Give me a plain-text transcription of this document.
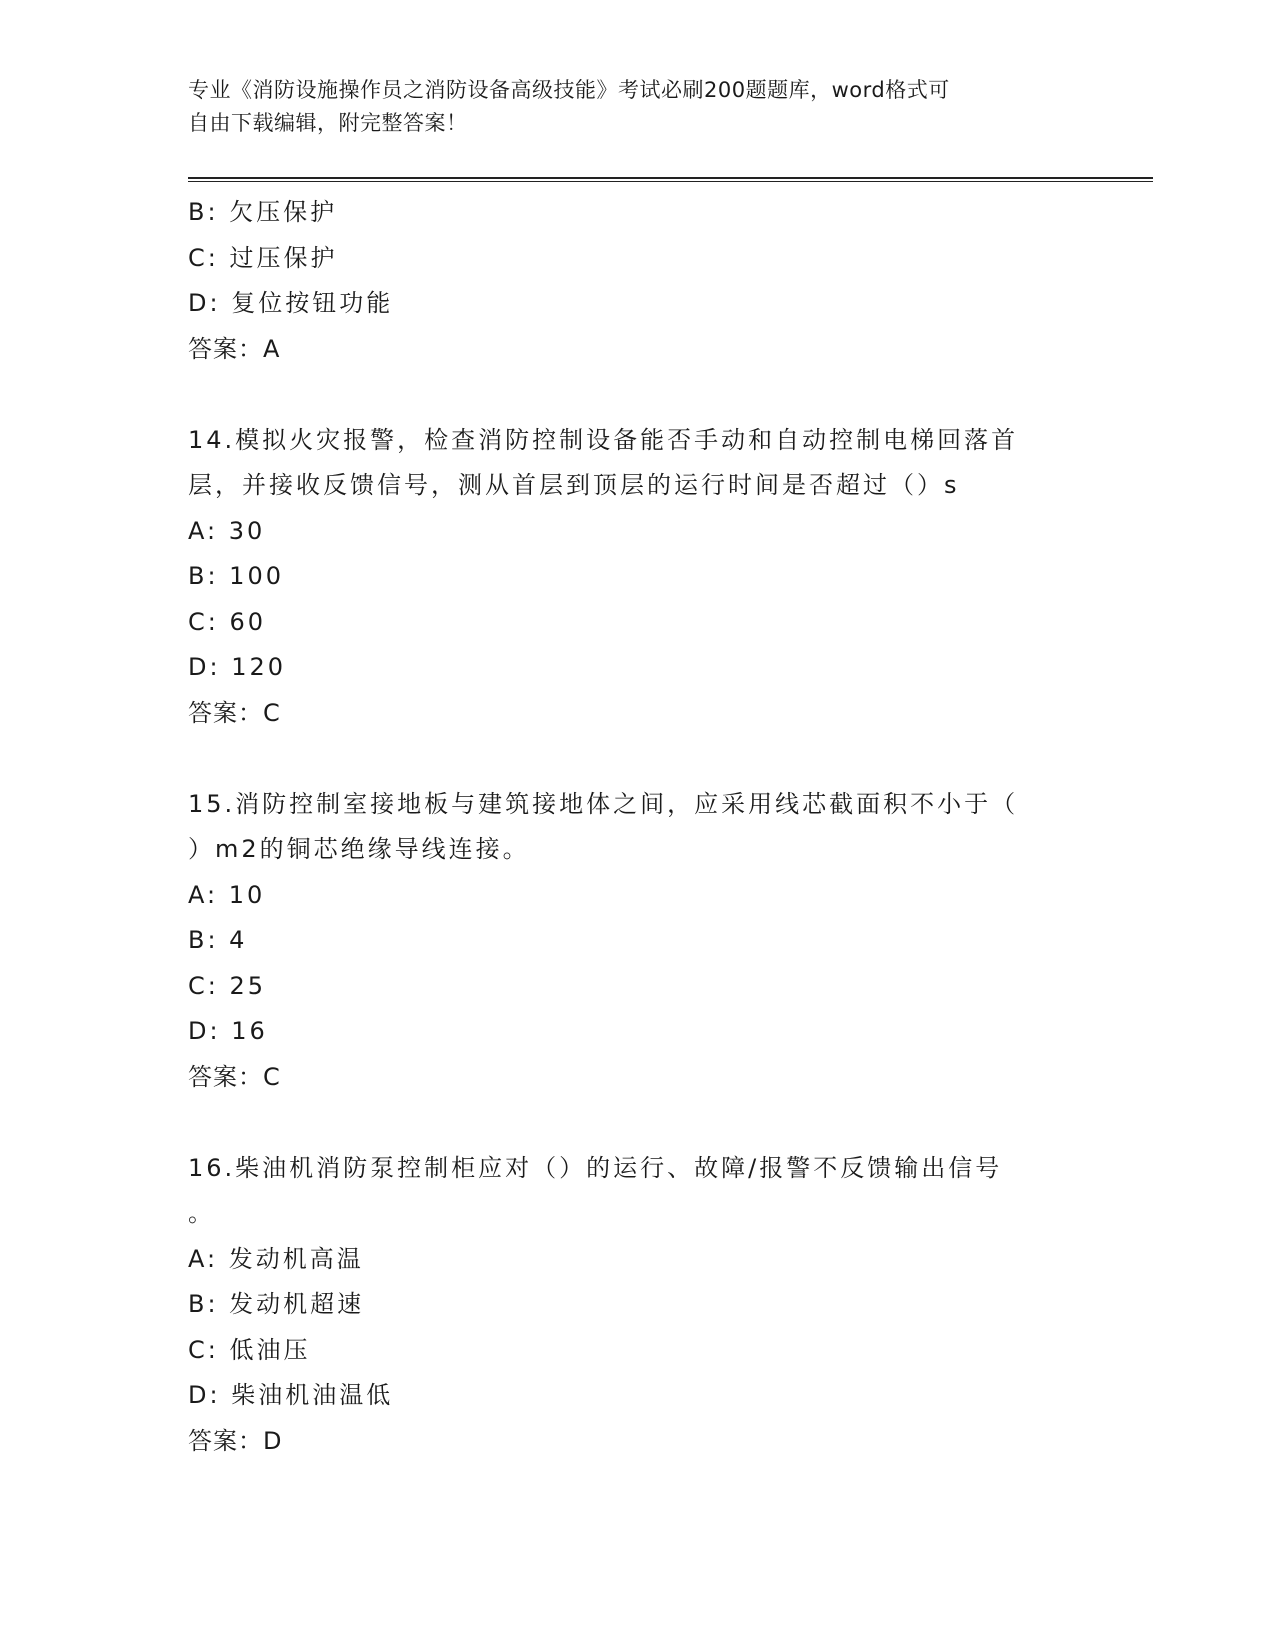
专业《消防设施操作员之消防设备高级技能》考试必刷200题题库，word格式可
自由下载编辑，附完整答案！
B: 欠压保护
C: 过压保护
D: 复位按钮功能
答案：A
14.模拟火灾报警，检查消防控制设备能否手动和自动控制电梯回落首
层，并接收反馈信号，测从首层到顶层的运行时间是否超过（）s
A: 30
B: 100
C: 60
D: 120
答案：C
15.消防控制室接地板与建筑接地体之间，应采用线芯截面积不小于（
）m2的铜芯绝缘导线连接。
A: 10
B: 4
C: 25
D: 16
答案：C
16.柴油机消防泵控制柜应对（）的运行、故障/报警不反馈输出信号
。
A: 发动机高温
B: 发动机超速
C: 低油压
D: 柴油机油温低
答案：D
